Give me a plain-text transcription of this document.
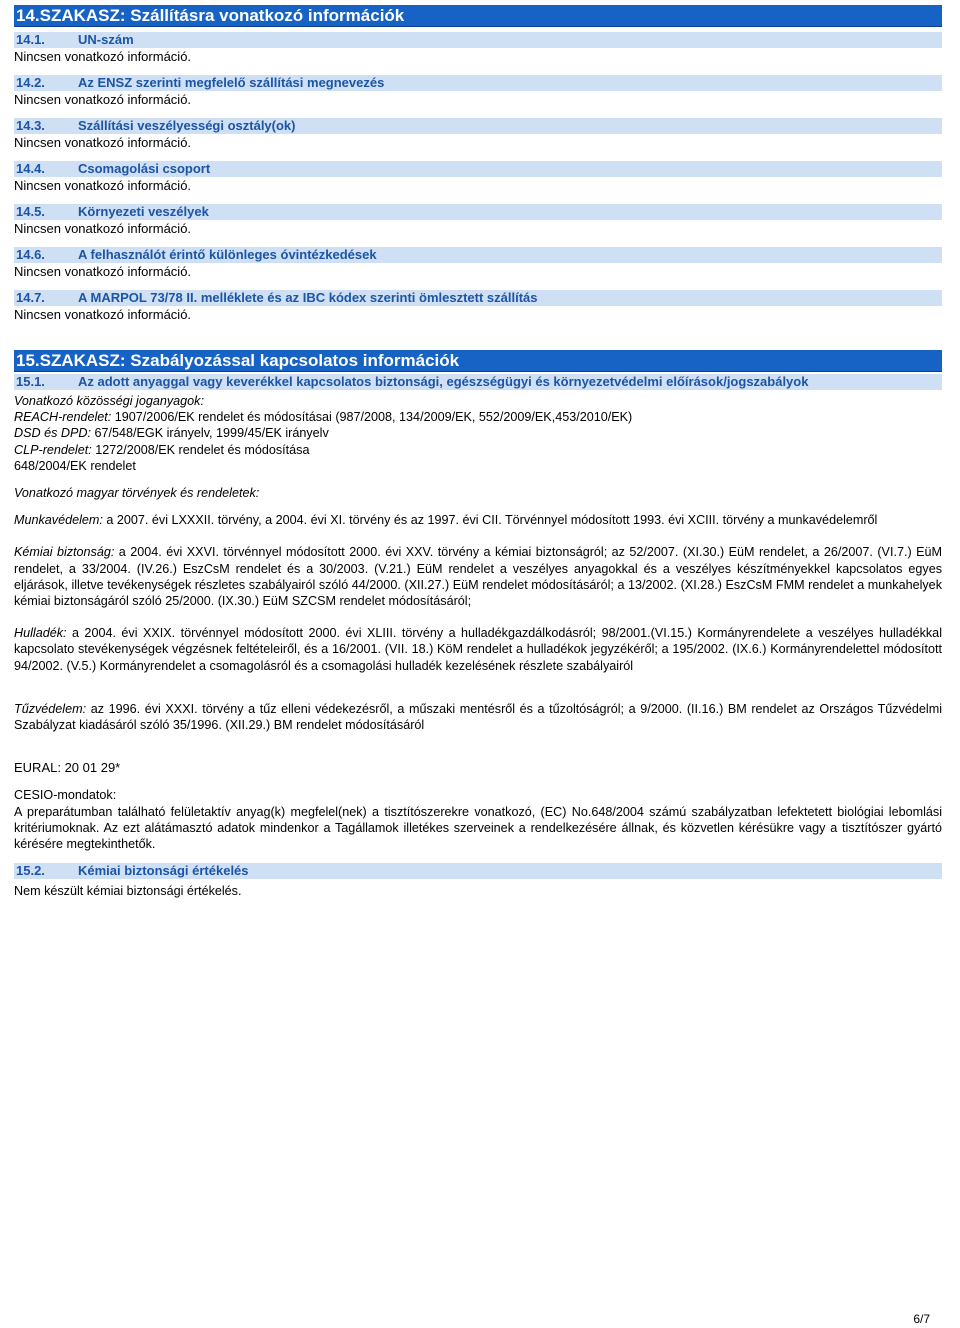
14.SZAKASZ: Szállításra vonatkozó információk
14.1.	UN-szám
Nincsen vonatkozó információ.
14.2.	Az ENSZ szerinti megfelelő szállítási megnevezés
Nincsen vonatkozó információ.
14.3.	Szállítási veszélyességi osztály(ok)
Nincsen vonatkozó információ.
14.4.	Csomagolási csoport
Nincsen vonatkozó információ.
14.5.	Környezeti veszélyek
Nincsen vonatkozó információ.
14.6.	A felhasználót érintő különleges óvintézkedések
Nincsen vonatkozó információ.
14.7.	A MARPOL 73/78 II. melléklete és az IBC kódex szerinti ömlesztett szállítás
Nincsen vonatkozó információ.
15.SZAKASZ: Szabályozással kapcsolatos információk
15.1.	Az adott anyaggal vagy keverékkel kapcsolatos biztonsági, egészségügyi és környezetvédelmi előírások/jogszabályok

Vonatkozó közösségi joganyagok:

REACH-rendelet: 1907/2006/EK rendelet és módosításai (987/2008, 134/2009/EK, 552/2009/EK,453/2010/EK)

DSD és DPD: 67/548/EGK irányelv, 1999/45/EK irányelv

CLP-rendelet: 1272/2008/EK rendelet és módosítása

648/2004/EK rendelet

Vonatkozó magyar törvények és rendeletek:

Munkavédelem: a 2007. évi LXXXII. törvény, a 2004. évi XI. törvény és az 1997. évi CII. Törvénnyel módosított 1993. évi XCIII. törvény a munkavédelemről

Kémiai biztonság: a 2004. évi XXVI. törvénnyel módosított 2000. évi XXV. törvény a kémiai biztonságról; az 52/2007. (XI.30.) EüM rendelet, a 26/2007. (VI.7.) EüM rendelet, a 33/2004. (IV.26.) EszCsM rendelet és a 30/2003. (V.21.) EüM rendelet a veszélyes anyagokkal és a veszélyes készítményekkel kapcsolatos egyes eljárások, illetve tevékenységek részletes szabályairól szóló 44/2000. (XII.27.) EüM rendelet módosításáról; a 13/2002. (XI.28.) EszCsM FMM rendelet a munkahelyek kémiai biztonságáról szóló 25/2000. (IX.30.) EüM SZCSM rendelet módosításáról;

Hulladék: a 2004. évi XXIX. törvénnyel módosított 2000. évi XLIII. törvény a hulladékgazdálkodásról; 98/2001.(VI.15.) Kormányrendelete a veszélyes hulladékkal kapcsolato stevékenységek végzésnek feltételeiről, és a 16/2001. (VII. 18.) KöM rendelet a hulladékok jegyzékéről; a 195/2002. (IX.6.) Kormányrendelettel módosított 94/2002. (V.5.) Kormányrendelet a csomagolásról és a csomagolási hulladék kezelésének részlete szabályairól

Tűzvédelem: az 1996. évi XXXI. törvény a tűz elleni védekezésről, a műszaki mentésről és a tűzoltóságról; a 9/2000. (II.16.) BM rendelet az Országos Tűzvédelmi Szabályzat kiadásáról szóló 35/1996. (XII.29.) BM rendelet módosításáról

EURAL: 20 01 29*

CESIO-mondatok:

A preparátumban található felületaktív anyag(k) megfelel(nek) a tisztítószerekre vonatkozó, (EC) No.648/2004 számú szabályzatban lefektetett biológiai lebomlási kritériumoknak. Az ezt alátámasztó adatok mindenkor a Tagállamok illetékes szerveinek a rendelkezésére állnak, és közvetlen kérésükre vagy a tisztítószer gyártó kérésére megtekinthetők.

15.2.	Kémiai biztonsági értékelés

Nem készült kémiai biztonsági értékelés.

6/7
